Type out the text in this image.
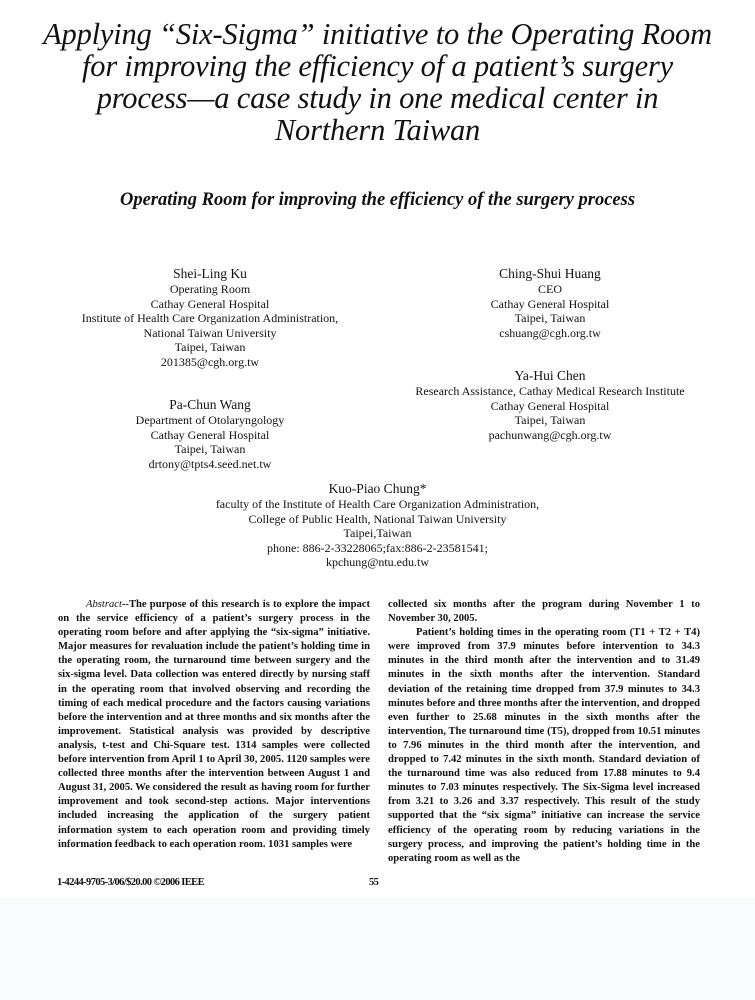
Applying “Six-Sigma” initiative to the Operating Room for improving the efficiency of a patient’s surgery process—a case study in one medical center in Northern Taiwan
Operating Room for improving the efficiency of the surgery process
Shei-Ling Ku
Operating Room
Cathay General Hospital
Institute of Health Care Organization Administration,
National Taiwan University
Taipei, Taiwan
201385@cgh.org.tw
Ching-Shui Huang
CEO
Cathay General Hospital
Taipei, Taiwan
cshuang@cgh.org.tw
Ya-Hui Chen
Research Assistance, Cathay Medical Research Institute
Cathay General Hospital
Taipei, Taiwan
pachunwang@cgh.org.tw
Pa-Chun Wang
Department of Otolaryngology
Cathay General Hospital
Taipei, Taiwan
drtony@tpts4.seed.net.tw
Kuo-Piao Chung*
faculty of the Institute of Health Care Organization Administration,
College of Public Health, National Taiwan University
Taipei,Taiwan
phone: 886-2-33228065;fax:886-2-23581541;
kpchung@ntu.edu.tw

Abstract--The purpose of this research is to explore the impact on the service efficiency of a patient’s surgery process in the operating room before and after applying the “six-sigma” initiative. Major measures for revaluation include the patient’s holding time in the operating room, the turnaround time between surgery and the six-sigma level. Data collection was entered directly by nursing staff in the operating room that involved observing and recording the timing of each medical procedure and the factors causing variations before the intervention and at three months and six months after the improvement. Statistical analysis was provided by descriptive analysis, t-test and Chi-Square test. 1314 samples were collected before intervention from April 1 to April 30, 2005. 1120 samples were collected three months after the intervention between August 1 and August 31, 2005. We considered the result as having room for further improvement and took second-step actions. Major interventions included increasing the application of the surgery patient information system to each operation room and providing timely information feedback to each operation room. 1031 samples were

collected six months after the program during November 1 to November 30, 2005.

Patient’s holding times in the operating room (T1 + T2 + T4) were improved from 37.9 minutes before intervention to 34.3 minutes in the third month after the intervention and to 31.49 minutes in the sixth months after the intervention. Standard deviation of the retaining time dropped from 37.9 minutes to 34.3 minutes before and three months after the intervention, and dropped even further to 25.68 minutes in the sixth months after the intervention, The turnaround time (T5), dropped from 10.51 minutes to 7.96 minutes in the third month after the intervention, and dropped to 7.42 minutes in the sixth month. Standard deviation of the turnaround time was also reduced from 17.88 minutes to 9.4 minutes to 7.03 minutes respectively. The Six-Sigma level increased from 3.21 to 3.26 and 3.37 respectively. This result of the study supported that the “six sigma” initiative can increase the service efficiency of the operating room by reducing variations in the surgery process, and improving the patient’s holding time in the operating room as well as the

1-4244-9705-3/06/$20.00 ©2006 IEEE	55
